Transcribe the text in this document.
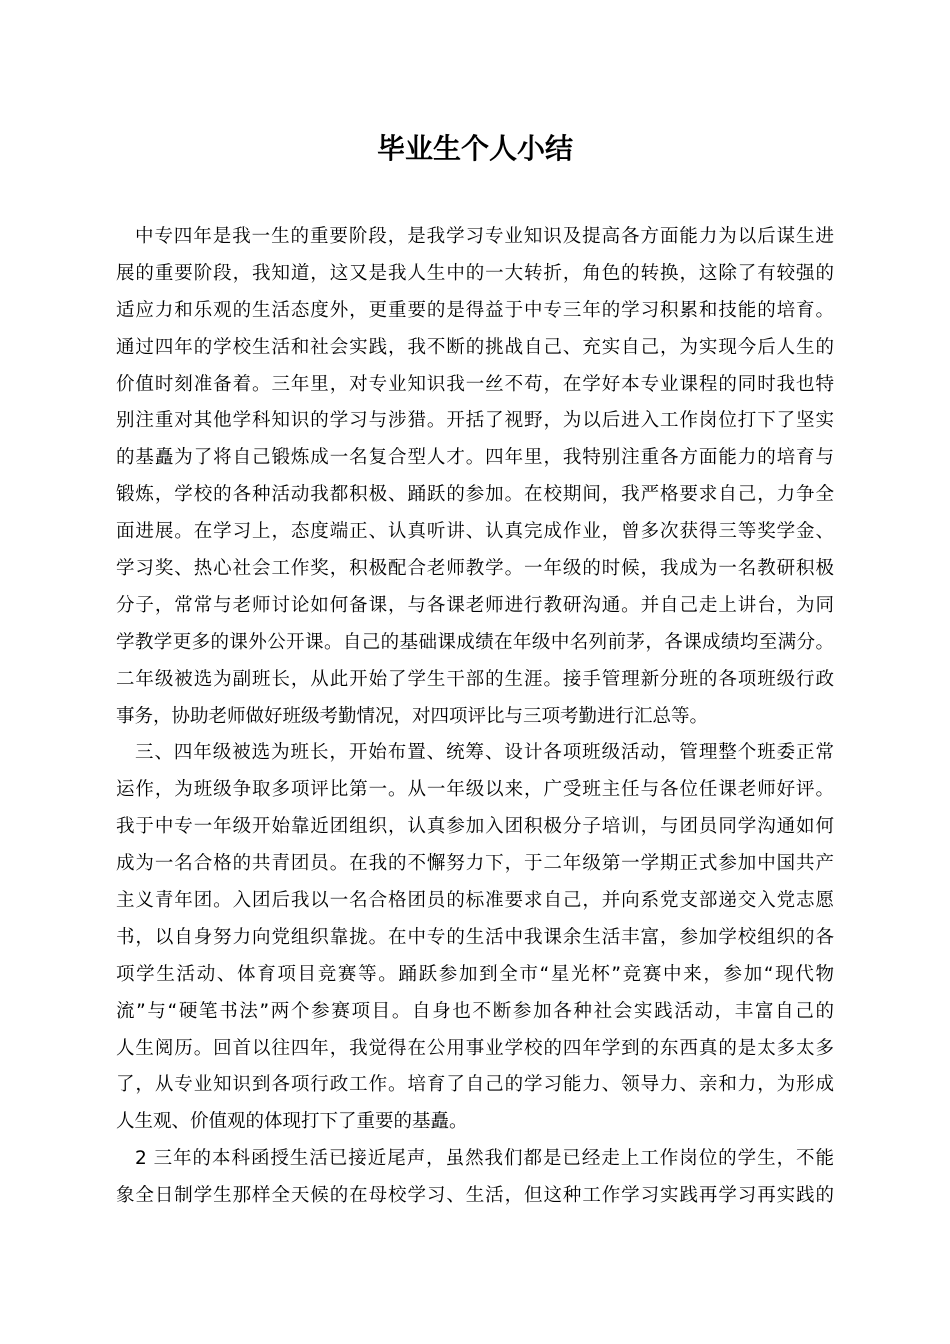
毕业生个人小结
中专四年是我一生的重要阶段，是我学习专业知识及提高各方面能力为以后谋生进
展的重要阶段，我知道，这又是我人生中的一大转折，角色的转换，这除了有较强的
适应力和乐观的生活态度外，更重要的是得益于中专三年的学习积累和技能的培育。
通过四年的学校生活和社会实践，我不断的挑战自己、充实自己，为实现今后人生的
价值时刻准备着。三年里，对专业知识我一丝不苟，在学好本专业课程的同时我也特
别注重对其他学科知识的学习与涉猎。开括了视野，为以后进入工作岗位打下了坚实
的基矗为了将自己锻炼成一名复合型人才。四年里，我特别注重各方面能力的培育与
锻炼，学校的各种活动我都积极、踊跃的参加。在校期间，我严格要求自己，力争全
面进展。在学习上，态度端正、认真听讲、认真完成作业，曾多次获得三等奖学金、
学习奖、热心社会工作奖，积极配合老师教学。一年级的时候，我成为一名教研积极
分子，常常与老师讨论如何备课，与各课老师进行教研沟通。并自己走上讲台，为同
学教学更多的课外公开课。自己的基础课成绩在年级中名列前茅，各课成绩均至满分。
二年级被选为副班长，从此开始了学生干部的生涯。接手管理新分班的各项班级行政
事务，协助老师做好班级考勤情况，对四项评比与三项考勤进行汇总等。
三、四年级被选为班长，开始布置、统筹、设计各项班级活动，管理整个班委正常
运作，为班级争取多项评比第一。从一年级以来，广受班主任与各位任课老师好评。
我于中专一年级开始靠近团组织，认真参加入团积极分子培训，与团员同学沟通如何
成为一名合格的共青团员。在我的不懈努力下，于二年级第一学期正式参加中国共产
主义青年团。入团后我以一名合格团员的标准要求自己，并向系党支部递交入党志愿
书，以自身努力向党组织靠拢。在中专的生活中我课余生活丰富，参加学校组织的各
项学生活动、体育项目竞赛等。踊跃参加到全市“星光杯”竞赛中来，参加“现代物
流”与“硬笔书法”两个参赛项目。自身也不断参加各种社会实践活动，丰富自己的
人生阅历。回首以往四年，我觉得在公用事业学校的四年学到的东西真的是太多太多
了，从专业知识到各项行政工作。培育了自己的学习能力、领导力、亲和力，为形成
人生观、价值观的体现打下了重要的基矗。
2 三年的本科函授生活已接近尾声，虽然我们都是已经走上工作岗位的学生，不能
象全日制学生那样全天候的在母校学习、生活，但这种工作学习实践再学习再实践的
